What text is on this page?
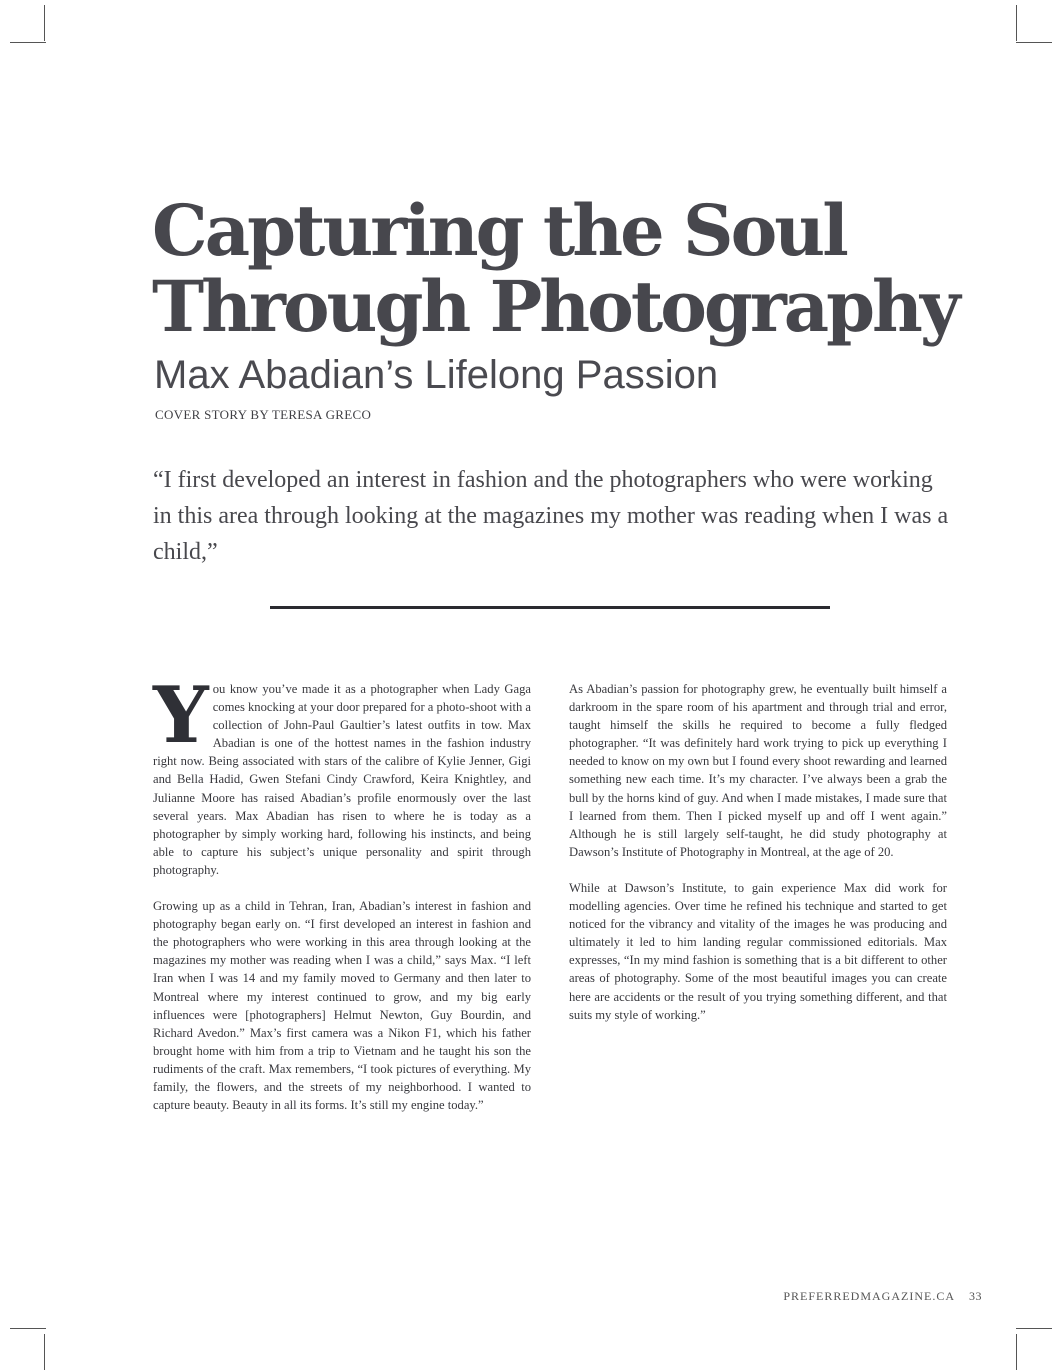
Capturing the Soul
Through Photography
Max Abadian’s Lifelong Passion
COVER STORY BY TERESA GRECO

“I first developed an interest in fashion and the photographers who were working in this area through looking at the magazines my mother was reading when I was a child,”

You know you’ve made it as a photographer when Lady Gaga comes knocking at your door prepared for a photo-shoot with a collection of John-Paul Gaultier’s latest outfits in tow. Max Abadian is one of the hottest names in the fashion industry right now. Being associated with stars of the calibre of Kylie Jenner, Gigi and Bella Hadid, Gwen Stefani Cindy Crawford, Keira Knightley, and Julianne Moore has raised Abadian’s profile enormously over the last several years. Max Abadian has risen to where he is today as a photographer by simply working hard, following his instincts, and being able to capture his subject’s unique personality and spirit through photography.

Growing up as a child in Tehran, Iran, Abadian’s interest in fashion and photography began early on. “I first developed an interest in fashion and the photographers who were working in this area through looking at the magazines my mother was reading when I was a child,” says Max. “I left Iran when I was 14 and my family moved to Germany and then later to Montreal where my interest continued to grow, and my big early influences were [photographers] Helmut Newton, Guy Bourdin, and Richard Avedon.” Max’s first camera was a Nikon F1, which his father brought home with him from a trip to Vietnam and he taught his son the rudiments of the craft. Max remembers, “I took pictures of everything. My family, the flowers, and the streets of my neighborhood. I wanted to capture beauty. Beauty in all its forms. It’s still my engine today.”

As Abadian’s passion for photography grew, he eventually built himself a darkroom in the spare room of his apartment and through trial and error, taught himself the skills he required to become a fully fledged photographer. “It was definitely hard work trying to pick up everything I needed to know on my own but I found every shoot rewarding and learned something new each time. It’s my character. I’ve always been a grab the bull by the horns kind of guy. And when I made mistakes, I made sure that I learned from them. Then I picked myself up and off I went again.” Although he is still largely self-taught, he did study photography at Dawson’s Institute of Photography in Montreal, at the age of 20.

While at Dawson’s Institute, to gain experience Max did work for modelling agencies. Over time he refined his technique and started to get noticed for the vibrancy and vitality of the images he was producing and ultimately it led to him landing regular commissioned editorials. Max expresses, “In my mind fashion is something that is a bit different to other areas of photography. Some of the most beautiful images you can create here are accidents or the result of you trying something different, and that suits my style of working.”

PREFERREDMAGAZINE.CA 33
